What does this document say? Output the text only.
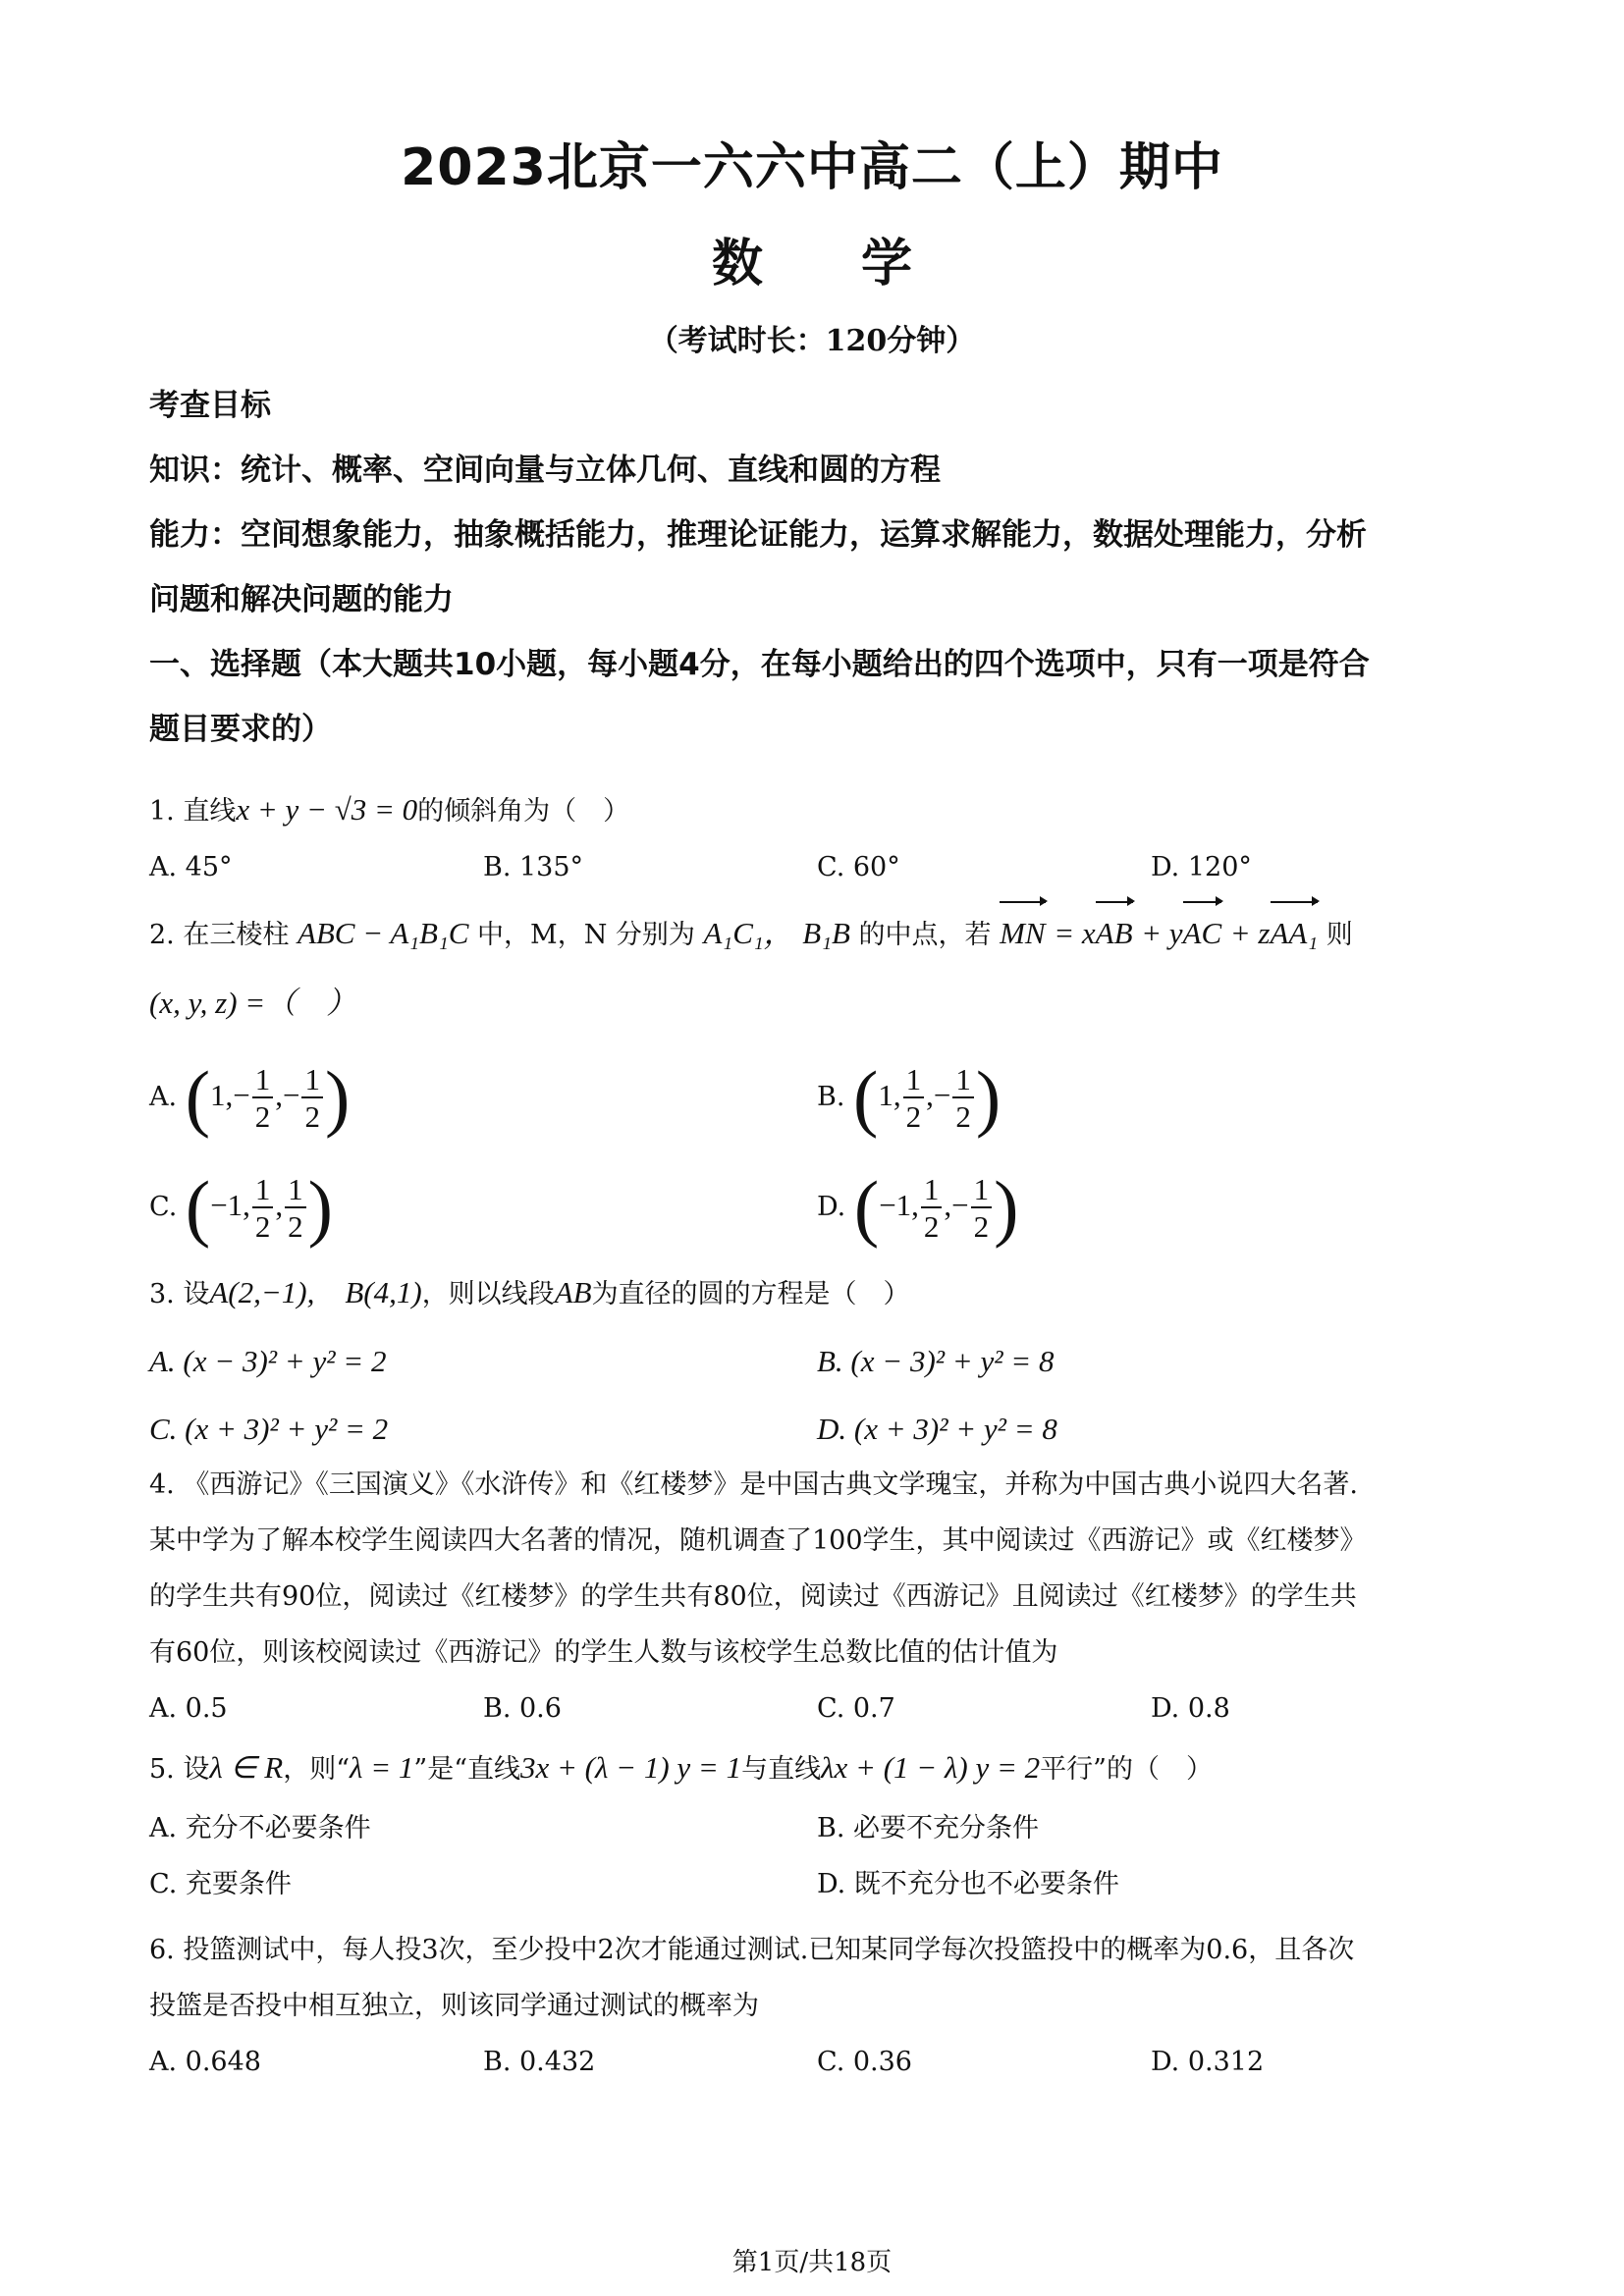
2023北京一六六中高二（上）期中
数 学
（考试时长：120分钟）
考查目标
知识：统计、概率、空间向量与立体几何、直线和圆的方程
能力：空间想象能力，抽象概括能力，推理论证能力，运算求解能力，数据处理能力，分析
问题和解决问题的能力
一、选择题（本大题共10小题，每小题4分，在每小题给出的四个选项中，只有一项是符合
题目要求的）
1. 直线x + y − √3 = 0的倾斜角为（　）
A. 45°	B. 135°	C. 60°	D. 120°
2. 在三棱柱 ABC − A₁B₁C 中，M，N 分别为 A₁C₁， B₁B 的中点，若 MN = xAB + yAC + zAA₁ 则
(x, y, z) =（　）
A. ($1,- \frac{1}{2}$ ,− $\frac{1}{2}$ )	B. (1, $\frac{1}{2}$ ,− $\frac{1}{2}$ )
C. (−1, $\frac{1}{2}$ , $\frac{1}{2}$ )	D. (−1, $\frac{1}{2}$ ,− $\frac{1}{2}$ )
3. 设A(2,−1),　B(4,1)，则以线段AB为直径的圆的方程是（　）
A. (x − 3)² + y² = 2	B. (x − 3)² + y² = 8
C. (x + 3)² + y² = 2	D. (x + 3)² + y² = 8
4. 《西游记》《三国演义》《水浒传》和《红楼梦》是中国古典文学瑰宝，并称为中国古典小说四大名著.
某中学为了解本校学生阅读四大名著的情况，随机调查了100学生，其中阅读过《西游记》或《红楼梦》
的学生共有90位，阅读过《红楼梦》的学生共有80位，阅读过《西游记》且阅读过《红楼梦》的学生共
有60位，则该校阅读过《西游记》的学生人数与该校学生总数比值的估计值为
A. 0.5	B. 0.6	C. 0.7	D. 0.8
5. 设λ ∈ R，则“λ = 1”是“直线3x + (λ − 1) y = 1与直线λx + (1 − λ) y = 2平行”的（　）
A. 充分不必要条件	B. 必要不充分条件
C. 充要条件	D. 既不充分也不必要条件
6. 投篮测试中，每人投3次，至少投中2次才能通过测试.已知某同学每次投篮投中的概率为0.6，且各次
投篮是否投中相互独立，则该同学通过测试的概率为
A. 0.648	B. 0.432	C. 0.36	D. 0.312
第1页/共18页
